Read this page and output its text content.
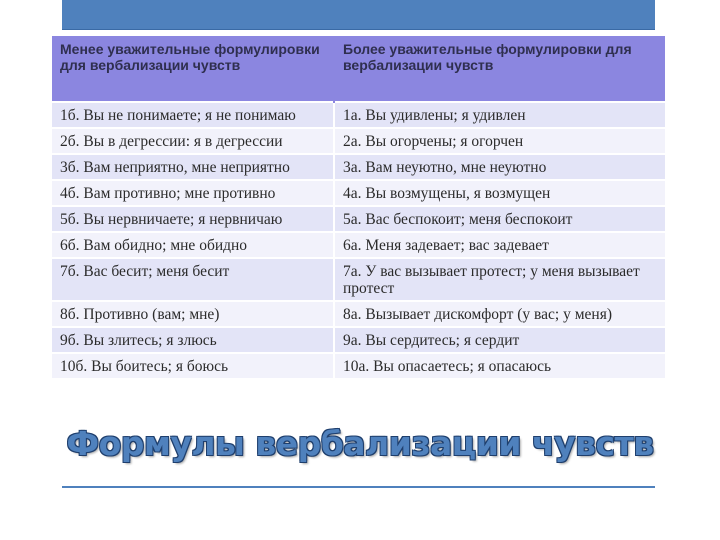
Менее уважительные формулировки для вербализации чувств	Более уважительные формулировки для вербализации чувств
1б. Вы не понимаете; я не понимаю	1а. Вы удивлены; я удивлен
2б. Вы в дегрессии: я в дегрессии	2а. Вы огорчены; я огорчен
3б. Вам неприятно, мне неприятно	3а. Вам неуютно, мне неуютно
4б. Вам противно; мне противно	4а. Вы возмущены, я возмущен
5б. Вы нервничаете; я нервничаю	5а. Вас беспокоит; меня беспокоит
6б. Вам обидно; мне обидно	6а. Меня задевает; вас задевает
7б. Вас бесит; меня бесит	7а. У вас вызывает протест; у меня вызывает протест
8б. Противно (вам; мне)	8а. Вызывает дискомфорт (у вас; у меня)
9б. Вы злитесь; я злюсь	9а. Вы сердитесь; я сердит
10б. Вы боитесь; я боюсь	10а. Вы опасаетесь; я опасаюсь
Формулы вербализации чувств
